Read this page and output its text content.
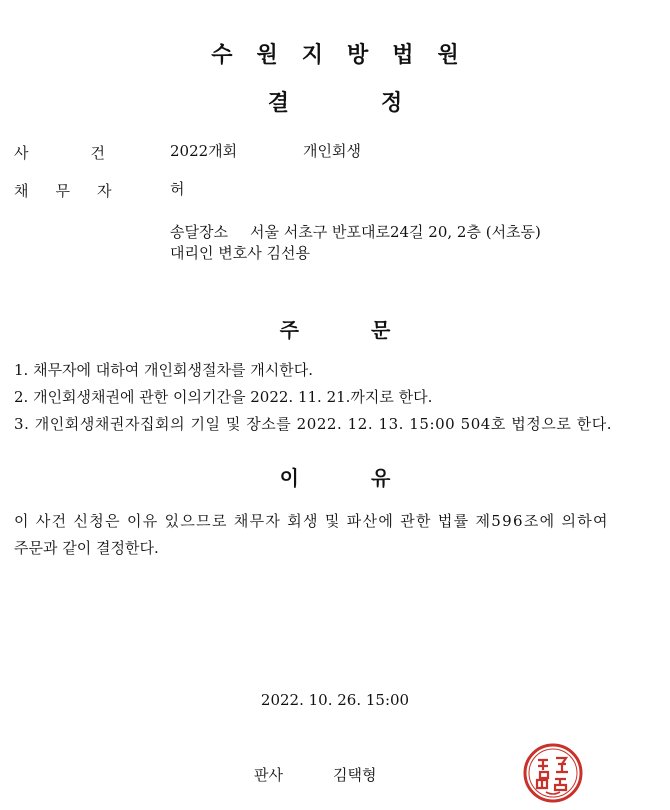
수원지방법원
결정
사건 2022개회	개인회생
채무자 허
송달장소 서울 서초구 반포대로24길 20, 2층 (서초동)
대리인 변호사 김선용
주문
1. 채무자에 대하여 개인회생절차를 개시한다.
2. 개인회생채권에 관한 이의기간을 2022. 11. 21.까지로 한다.
3. 개인회생채권자집회의 기일 및 장소를 2022. 12. 13. 15:00 504호 법정으로 한다.
이유
이 사건 신청은 이유 있으므로 채무자 회생 및 파산에 관한 법률 제596조에 의하여
주문과 같이 결정한다.
2022. 10. 26. 15:00
판사	김택형
